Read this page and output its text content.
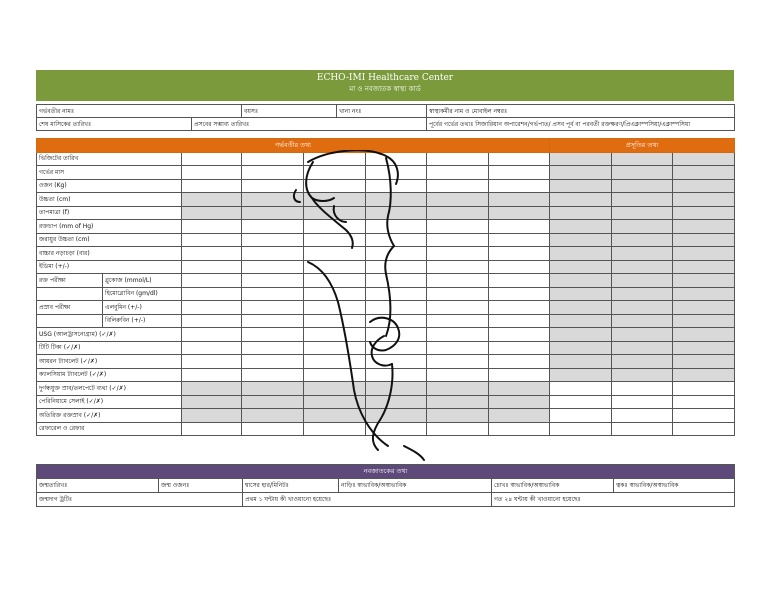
ECHO-IMI Healthcare Center
মা ও নবজাতক স্বাস্থ্য কার্ড
গর্ভবতীর নামঃ		বয়সঃ	খানা নংঃ	স্বাস্থ্যকর্মীর নাম ও মোবাইল নম্বরঃ
শেষ মাসিকের তারিখঃ	প্রসবের সম্ভাব্য তারিখঃ			পূর্বের গর্ভের তথ্যঃ সিজারিয়ান অপারেশন/গর্ভপাত/ প্রসব পূর্ব বা পরবর্তী রক্তক্ষরণ/প্রিএক্লাম্পসিয়া/এক্লাম্পসিয়া
গর্ভবতীর তথ্য								প্রসূতির তথ্য		
ভিজিটের তারিখ										
গর্ভের মাস										
ওজন (Kg)										
উচ্চতা (cm)										
তাপমাত্রা (f)										
রক্তচাপ (mm of Hg)										
জরায়ুর উচ্চতা (cm)										
বাচ্চার নড়াচড়া (বার)										
ইডিমা (+/-)										
রক্ত পরীক্ষা	গ্লুকোজ (mmol/L)									
	হিমোগ্লোবিন (gm/dl)									
প্রস্রাব পরীক্ষা	এলবুমিন (+/-)									
	বিলিরুবিন (+/-)									
USG (আলট্রাসনোগ্রাম) (✓/✗)										
টিটি টিকা (✓/✗)										
আয়রন ট্যাবলেট (✓/✗)										
ক্যালসিয়াম ট্যাবলেট (✓/✗)										
দুর্গন্ধযুক্ত স্রাব/তলপেটে ব্যথা (✓/✗)										
পেরিনিয়ামে সেলাই (✓/✗)										
অতিরিক্ত রক্তস্রাব (✓/✗)										
রেফারেল ও রেফার										
নবজাতকের তথ্য					
জন্মতারিখঃ	জন্ম ওজনঃ	শ্বাসের হার/মিনিটঃ	নাড়িঃ স্বাভাবিক/অস্বাভাবিক	চোখঃ স্বাভাবিক/অস্বাভাবিক	ত্বকঃ স্বাভাবিক/অস্বাভাবিক
জন্মদাগ ট্রটিঃ		প্রথম ১ ঘন্টায় কী খাওয়ানো হয়েছেঃ		গত ২৪ ঘন্টায় কী খাওয়ানো হয়েছেঃ	
